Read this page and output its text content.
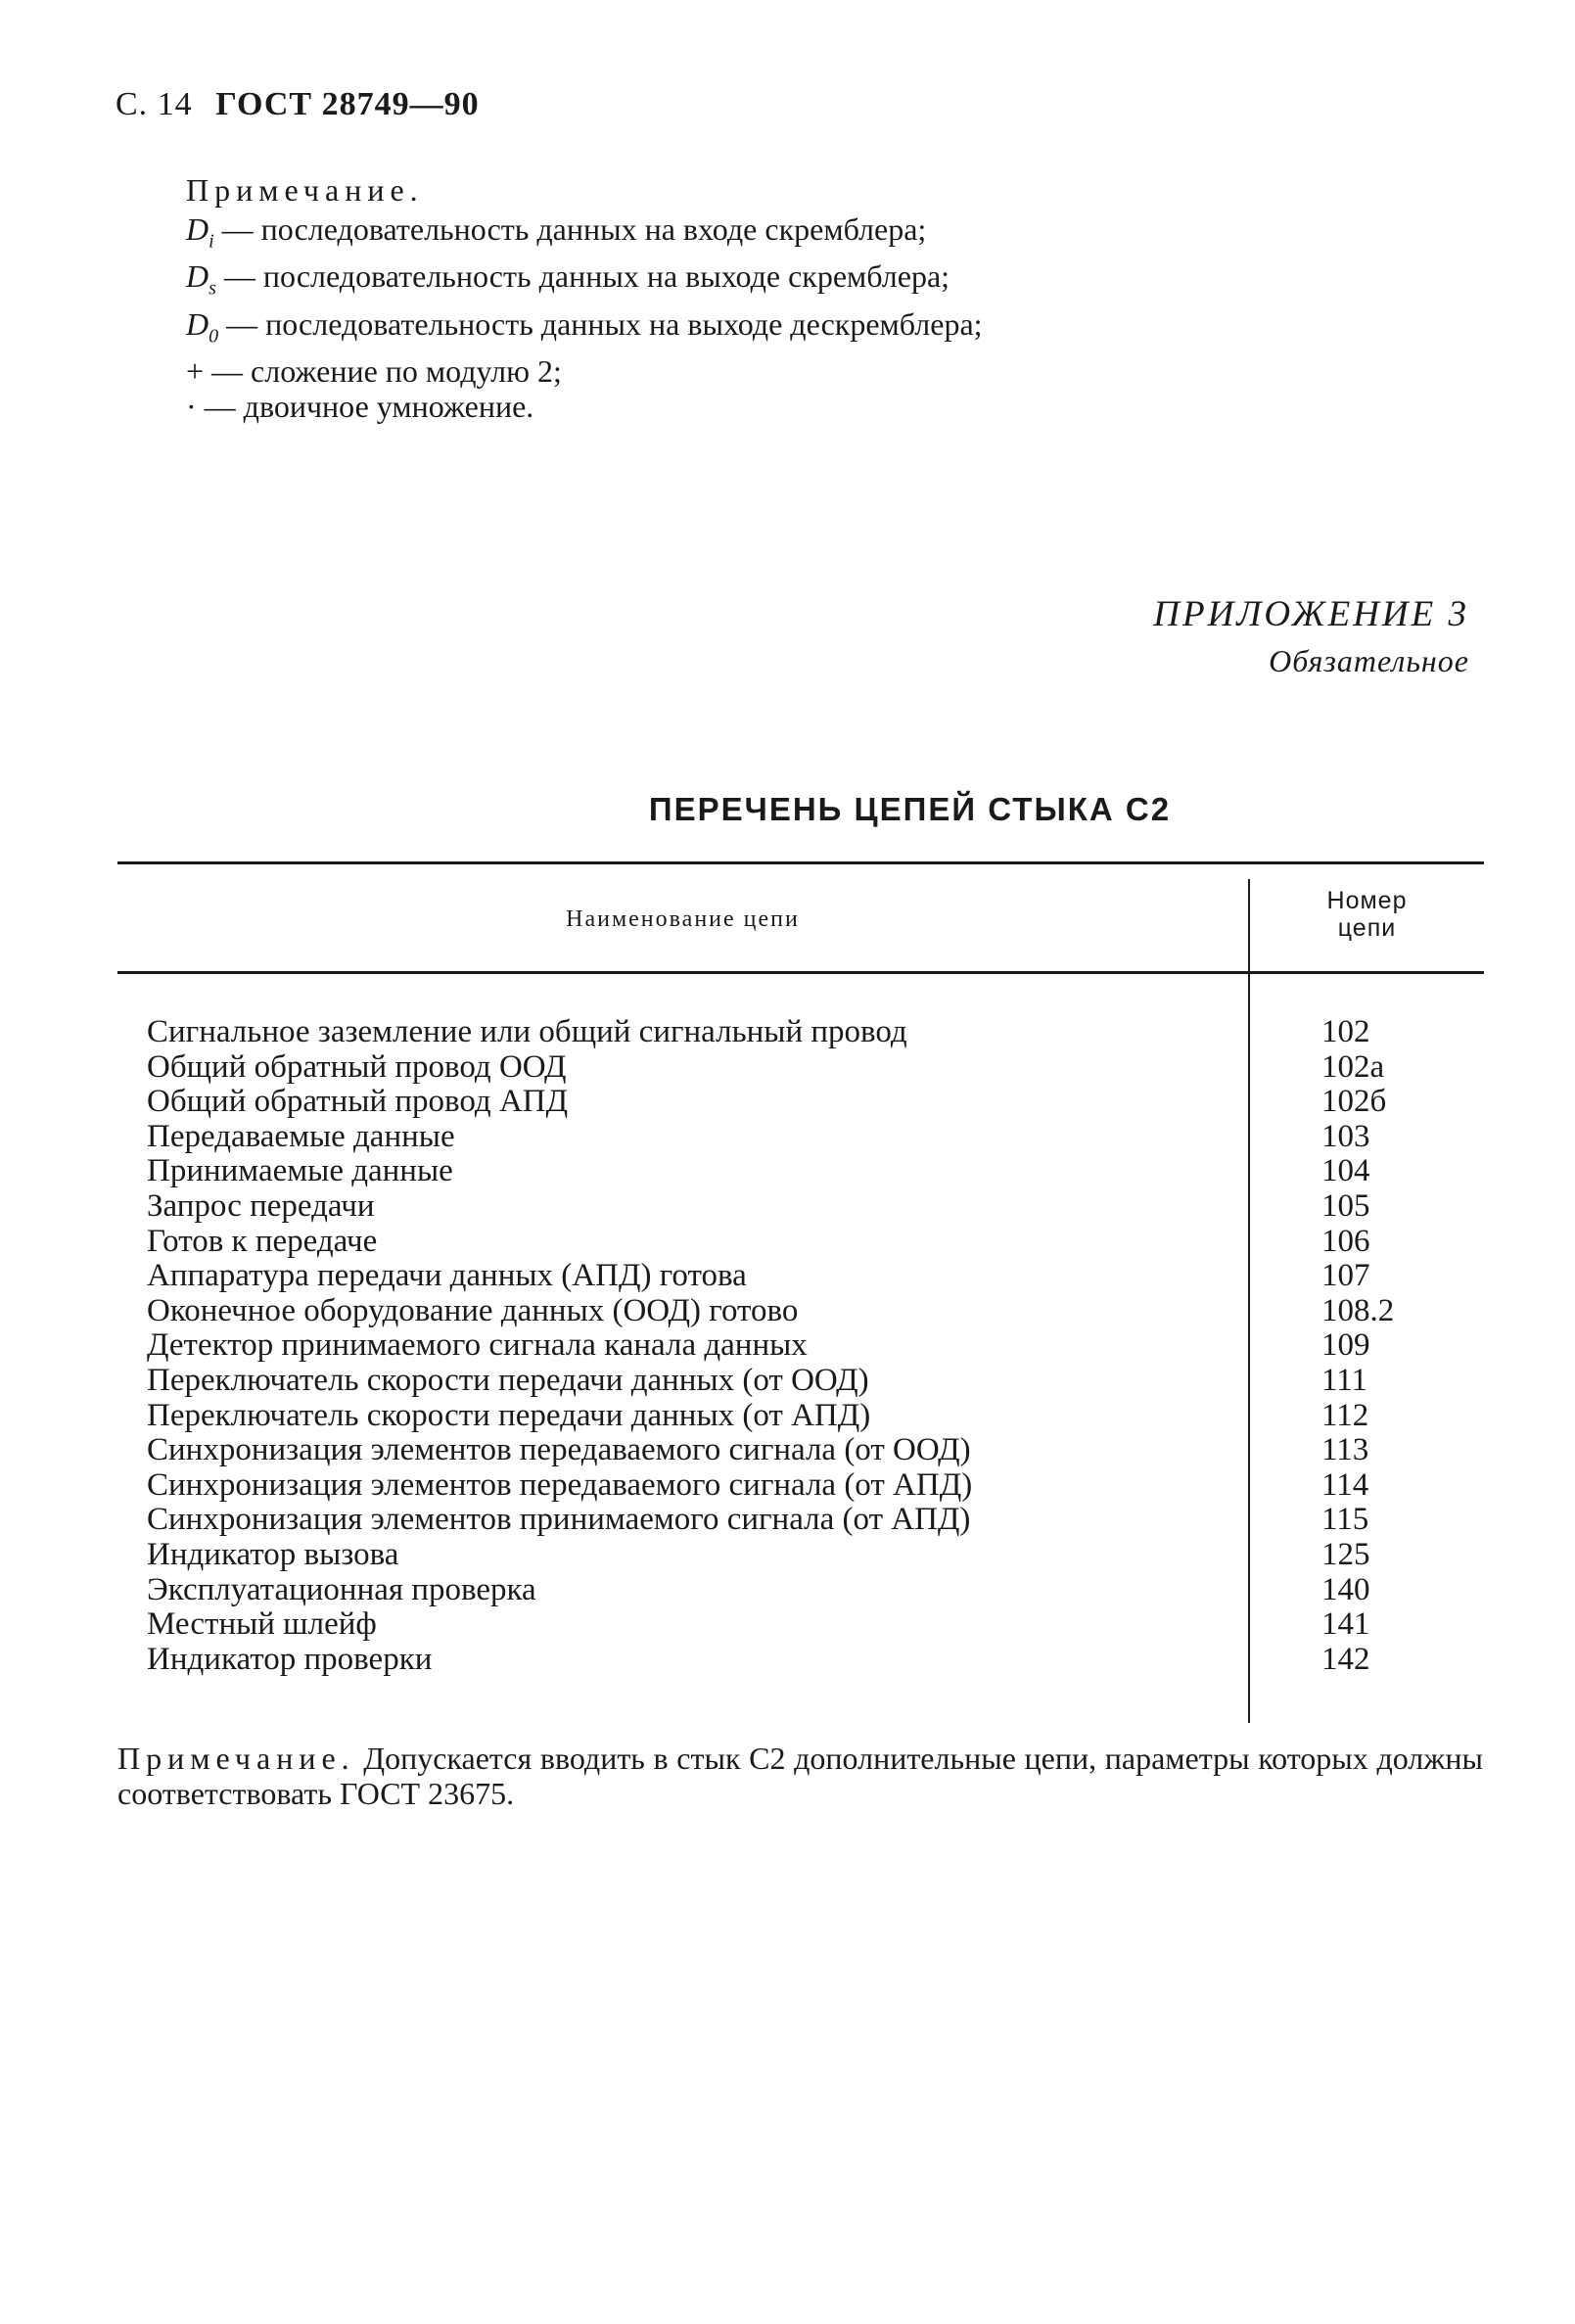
С. 14 ГОСТ 28749—90
Примечание.
$D_i$ — последовательность данных на входе скремблера;
$D_s$ — последовательность данных на выходе скремблера;
$D_0$ — последовательность данных на выходе дескремблера;
+ — сложение по модулю 2;
· — двоичное умножение.
ПРИЛОЖЕНИЕ 3
Обязательное
ПЕРЕЧЕНЬ ЦЕПЕЙ СТЫКА С2
Наименование цепи
Номер
цепи
Сигнальное заземление или общий сигнальный провод	102
Общий обратный провод ООД	102а
Общий обратный провод АПД	102б
Передаваемые данные	103
Принимаемые данные	104
Запрос передачи	105
Готов к передаче	106
Аппаратура передачи данных (АПД) готова	107
Оконечное оборудование данных (ООД) готово	108.2
Детектор принимаемого сигнала канала данных	109
Переключатель скорости передачи данных (от ООД)	111
Переключатель скорости передачи данных (от АПД)	112
Синхронизация элементов передаваемого сигнала (от ООД)	113
Синхронизация элементов передаваемого сигнала (от АПД)	114
Синхронизация элементов принимаемого сигнала (от АПД)	115
Индикатор вызова	125
Эксплуатационная проверка	140
Местный шлейф	141
Индикатор проверки	142
Примечание. Допускается вводить в стык С2 дополнительные цепи, параметры которых должны соответствовать ГОСТ 23675.
